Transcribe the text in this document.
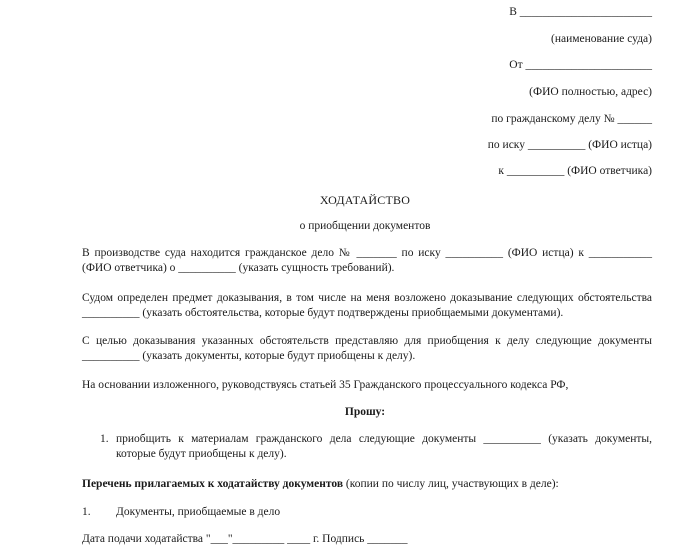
В _______________________
(наименование суда)
От ______________________
(ФИО полностью, адрес)
по гражданскому делу № ______
по иску __________ (ФИО истца)
к __________ (ФИО ответчика)
ХОДАТАЙСТВО
о приобщении документов
В производстве суда находится гражданское дело № _______ по иску __________ (ФИО истца) к ___________ (ФИО ответчика) о __________ (указать сущность требований).
Судом определен предмет доказывания, в том числе на меня возложено доказывание следующих обстоятельства __________ (указать обстоятельства, которые будут подтверждены приобщаемыми документами).
С целью доказывания указанных обстоятельств представляю для приобщения к делу следующие документы __________ (указать документы, которые будут приобщены к делу).
На основании изложенного, руководствуясь статьей 35 Гражданского процессуального кодекса РФ,
Прошу:
1. приобщить к материалам гражданского дела следующие документы __________ (указать документы, которые будут приобщены к делу).
Перечень прилагаемых к ходатайству документов (копии по числу лиц, участвующих в деле):
1. Документы, приобщаемые в дело
Дата подачи ходатайства "___"_________ ____ г. Подпись _______
